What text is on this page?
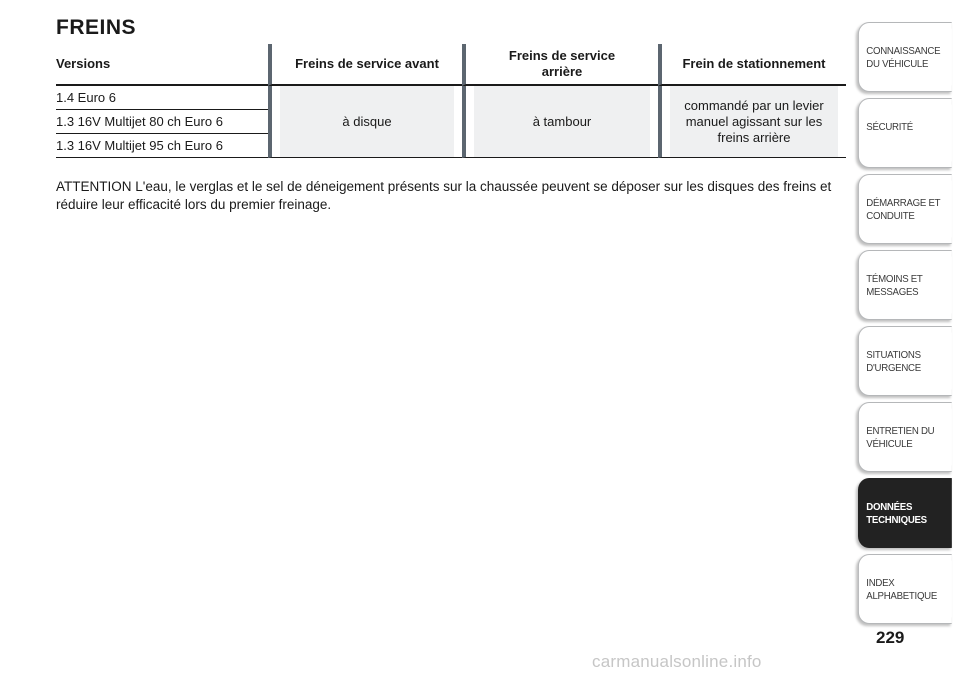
FREINS
Versions	Freins de service avant	Freins de service arrière	Frein de stationnement
1.4 Euro 6	à disque	à tambour	commandé par un levier manuel agissant sur les freins arrière

1.3 16V Multijet 80 ch Euro 6			
1.3 16V Multijet 95 ch Euro 6			
ATTENTION L'eau, le verglas et le sel de déneigement présents sur la chaussée peuvent se déposer sur les disques des freins et réduire leur efficacité lors du premier freinage.
CONNAISSANCE
DU VÉHICULE
SÉCURITÉ
DÉMARRAGE ET
CONDUITE
TÉMOINS ET
MESSAGES
SITUATIONS
D'URGENCE
ENTRETIEN DU
VÉHICULE
DONNÉES
TECHNIQUES
INDEX
ALPHABETIQUE
229
carmanualsonline.info
